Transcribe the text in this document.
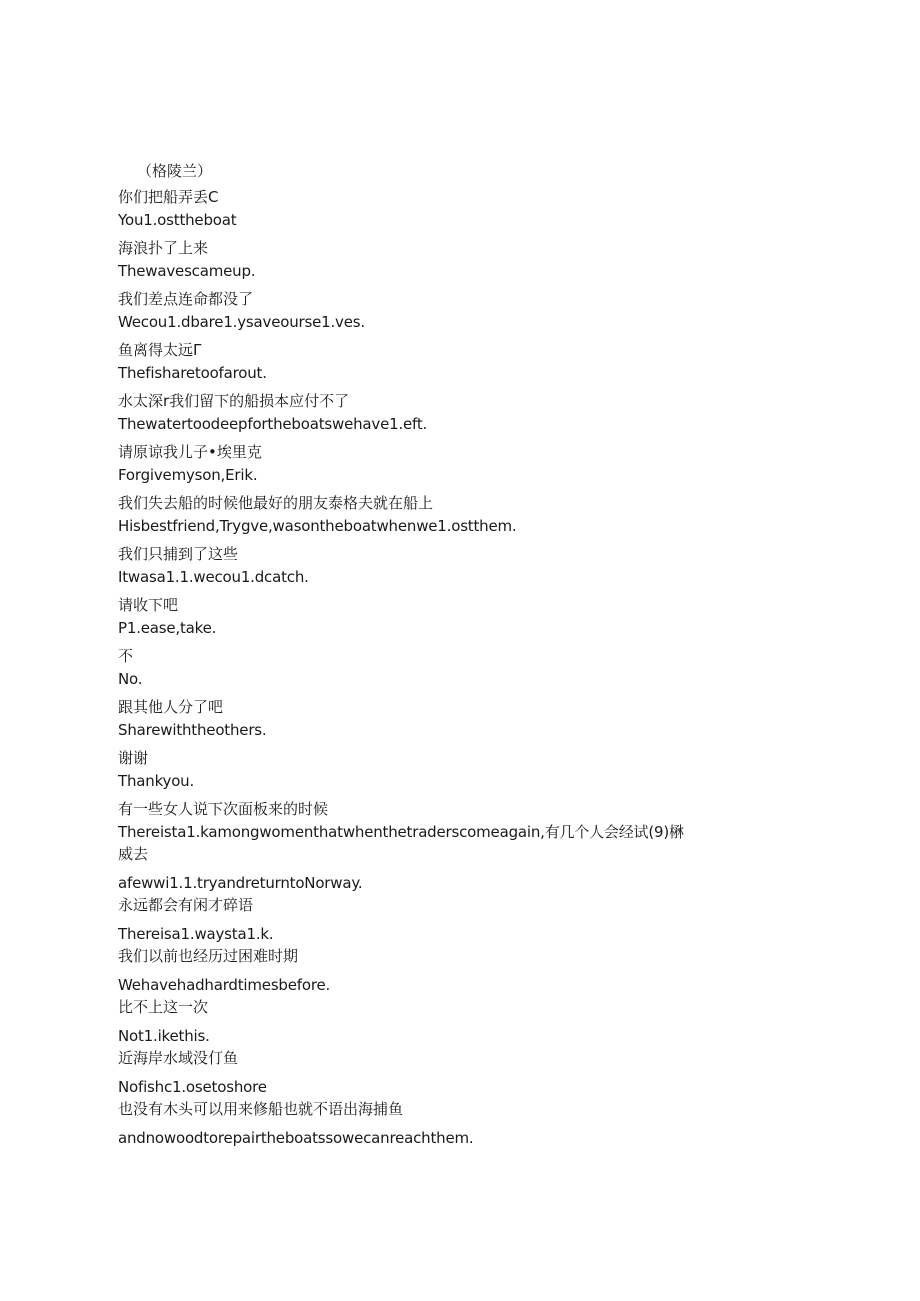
（格陵兰）
你们把船弄丢C
You1.osttheboat
海浪扑了上来
Thewavescameup.
我们差点连命都没了
Wecou1.dbare1.ysaveourse1.ves.
鱼离得太远Γ
Thefisharetoofarout.
水太深r我们留下的船损本应付不了
Thewatertoodeepfortheboatswehave1.eft.
请原谅我儿子•埃里克
Forgivemyson,Erik.
我们失去船的时候他最好的朋友泰格夫就在船上
Hisbestfriend,Trygve,wasontheboatwhenwe1.ostthem.
我们只捕到了这些
Itwasa1.1.wecou1.dcatch.
请收下吧
P1.ease,take.
不
No.
跟其他人分了吧
Sharewiththeothers.
谢谢
Thankyou.
有一些女人说下次面板来的时候
Thereista1.kamongwomenthatwhenthetraderscomeagain,有几个人会经试(9)楙
威去
afewwi1.1.tryandreturntoNorway.
永远都会有闲才碎语
Thereisa1.waysta1.k.
我们以前也经历过困难时期
Wehavehadhardtimesbefore.
比不上这一次
Not1.ikethis.
近海岸水域没仃鱼
Nofishc1.osetoshore
也没有木头可以用来修船也就不语出海捕鱼
andnowoodtorepairtheboatssowecanreachthem.
